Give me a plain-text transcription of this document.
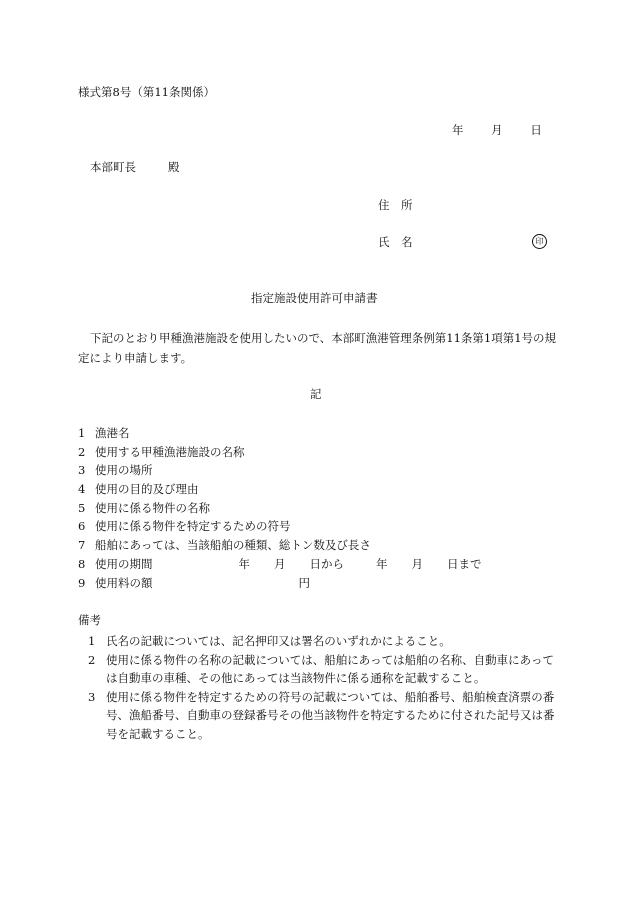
様式第8号（第11条関係）
年 月 日
本部町長	殿
住　所
氏　名	印
指定施設使用許可申請書
下記のとおり甲種漁港施設を使用したいので、本部町漁港管理条例第11条第1項第1号の規定により申請します。
記
1 漁港名
2 使用する甲種漁港施設の名称
3 使用の場所
4 使用の目的及び理由
5 使用に係る物件の名称
6 使用に係る物件を特定するための符号
7 船舶にあっては、当該船舶の種類、総トン数及び長さ
8 使用の期間	年 月 日から	年 月 日まで
9 使用料の額	円
備考
1 氏名の記載については、記名押印又は署名のいずれかによること。
2 使用に係る物件の名称の記載については、船舶にあっては船舶の名称、自動車にあっては自動車の車種、その他にあっては当該物件に係る通称を記載すること。
3 使用に係る物件を特定するための符号の記載については、船舶番号、船舶検査済票の番号、漁船番号、自動車の登録番号その他当該物件を特定するために付された記号又は番号を記載すること。
